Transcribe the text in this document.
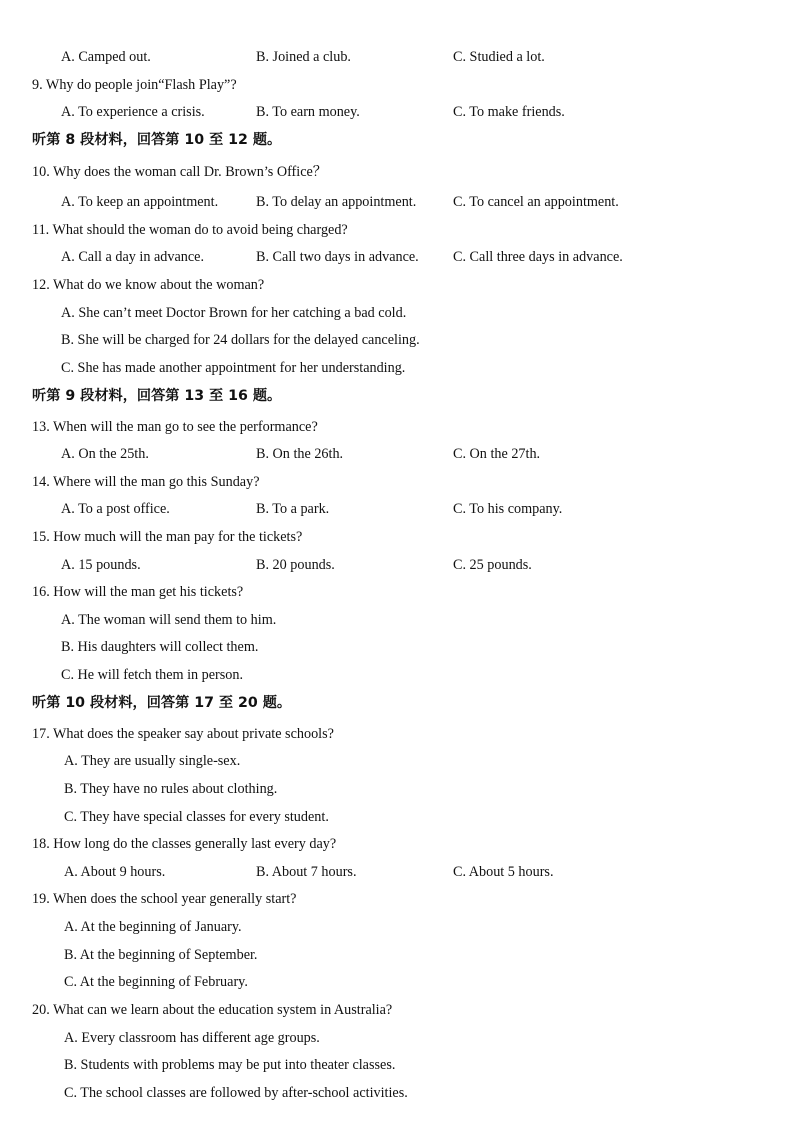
A. Camped out.	B. Joined a club.	C. Studied a lot.
9. Why do people join“Flash Play”?
A. To experience a crisis.	B. To earn money.	C. To make friends.
听第 8 段材料，回答第 10 至 12 题。
10. Why does the woman call Dr. Brown’s Office？
A. To keep an appointment.	B. To delay an appointment.	C. To cancel an appointment.
11. What should the woman do to avoid being charged?
A. Call a day in advance.	B. Call two days in advance. C. Call three days in advance.
12. What do we know about the woman?
A. She can’t meet Doctor Brown for her catching a bad cold.
B. She will be charged for 24 dollars for the delayed canceling.
C. She has made another appointment for her understanding.
听第 9 段材料，回答第 13 至 16 题。
13. When will the man go to see the performance?
A. On the 25th.	B. On the 26th.	C. On the 27th.
14. Where will the man go this Sunday?
A. To a post office.	B. To a park.	C. To his company.
15. How much will the man pay for the tickets?
A. 15 pounds.	B. 20 pounds.	C. 25 pounds.
16. How will the man get his tickets?
A. The woman will send them to him.
B. His daughters will collect them.
C. He will fetch them in person.
听第 10 段材料，回答第 17 至 20 题。
17. What does the speaker say about private schools?
A. They are usually single-sex.
B. They have no rules about clothing.
C. They have special classes for every student.
18. How long do the classes generally last every day?
A. About 9 hours.	B. About 7 hours.	C. About 5 hours.
19. When does the school year generally start?
A. At the beginning of January.
B. At the beginning of September.
C. At the beginning of February.
20. What can we learn about the education system in Australia?
A. Every classroom has different age groups.
B. Students with problems may be put into theater classes.
C. The school classes are followed by after-school activities.
